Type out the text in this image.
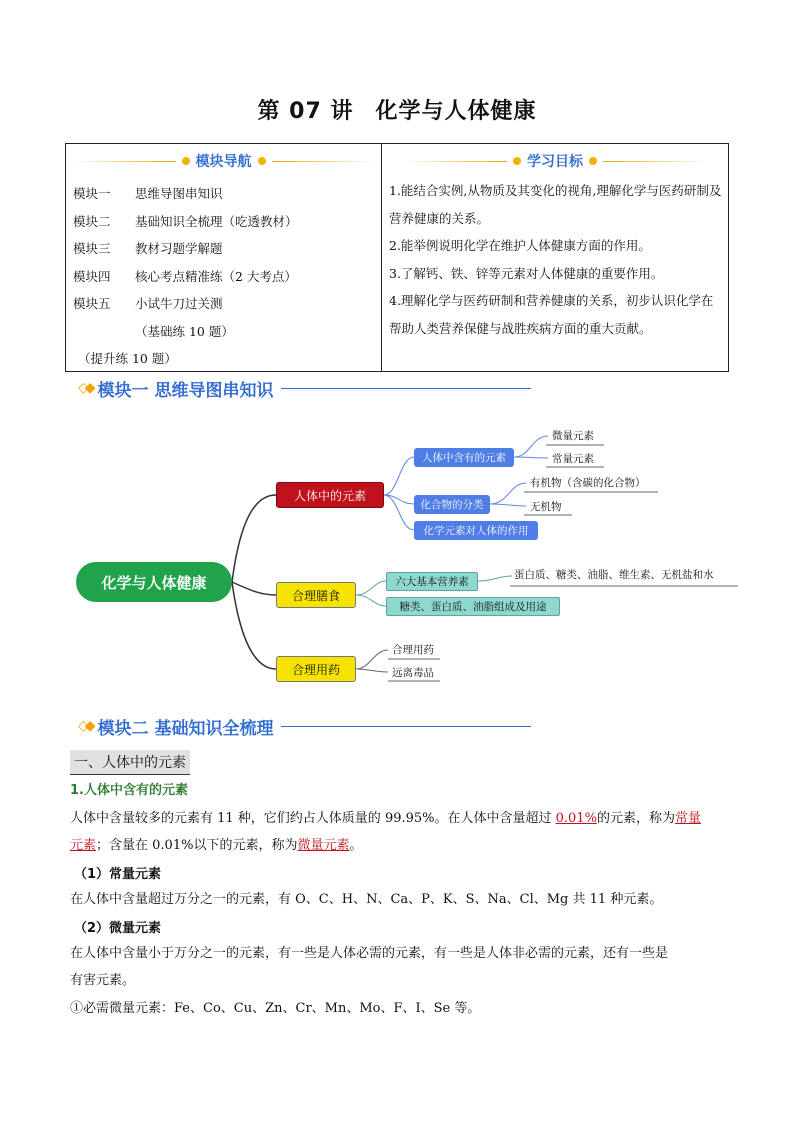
第 07 讲 化学与人体健康
模块导航
模块一 思维导图串知识
模块二 基础知识全梳理（吃透教材）
模块三 教材习题学解题
模块四 核心考点精准练（2 大考点）
模块五 小试牛刀过关测
（基础练 10 题）
（提升练 10 题）
学习目标
1.能结合实例,从物质及其变化的视角,理解化学与医药研制及营养健康的关系。
2.能举例说明化学在维护人体健康方面的作用。
3.了解钙、铁、锌等元素对人体健康的重要作用。
4.理解化学与医药研制和营养健康的关系，初步认识化学在帮助人类营养保健与战胜疾病方面的重大贡献。
◇◆ 模块一 思维导图串知识
化学与人体健康
人体中的元素
合理膳食
合理用药
人体中含有的元素
微量元素
常量元素
化合物的分类
有机物（含碳的化合物）
无机物
化学元素对人体的作用
六大基本营养素
蛋白质、糖类、油脂、维生素、无机盐和水
糖类、蛋白质、油脂组成及用途
合理用药
远离毒品
◇◆ 模块二 基础知识全梳理
一、人体中的元素
1.人体中含有的元素
人体中含量较多的元素有 11 种，它们约占人体质量的 99.95%。在人体中含量超过 0.01%的元素，称为常量
元素；含量在 0.01%以下的元素，称为微量元素。
（1）常量元素
在人体中含量超过万分之一的元素，有 O、C、H、N、Ca、P、K、S、Na、Cl、Mg 共 11 种元素。
（2）微量元素
在人体中含量小于万分之一的元素，有一些是人体必需的元素，有一些是人体非必需的元素，还有一些是
有害元素。
①必需微量元素：Fe、Co、Cu、Zn、Cr、Mn、Mo、F、I、Se 等。
